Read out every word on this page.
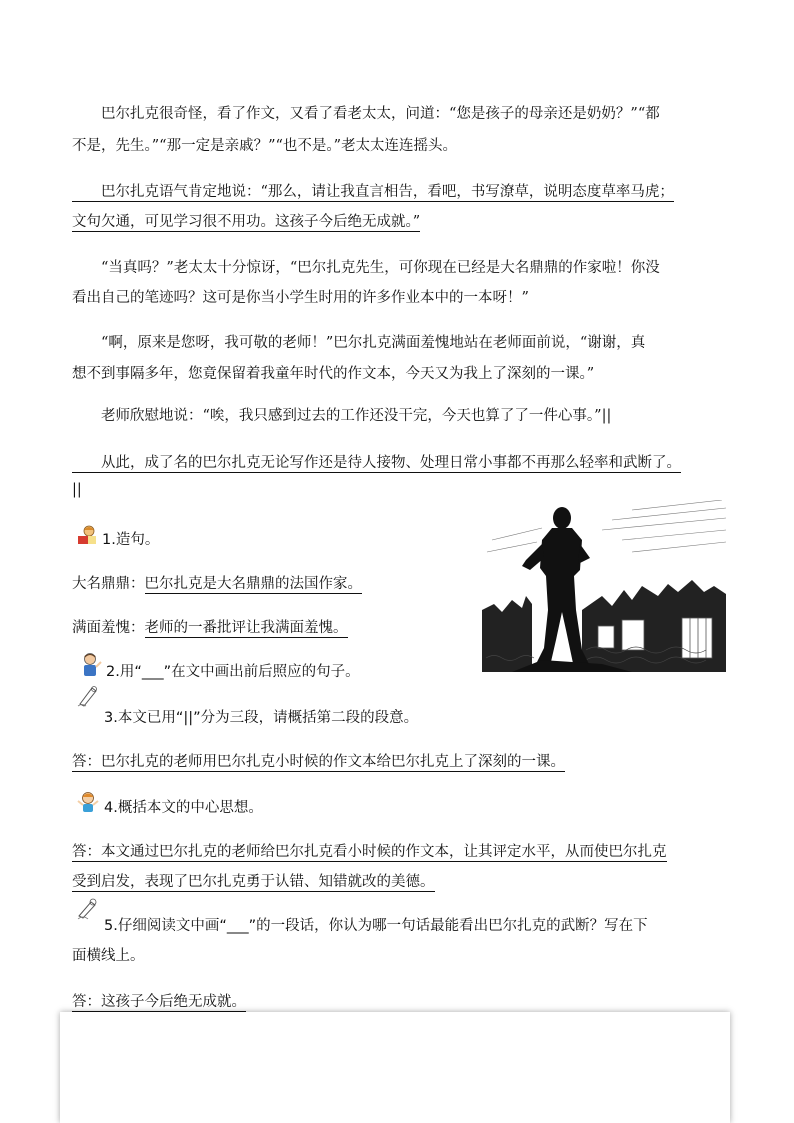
　　巴尔扎克很奇怪，看了作文，又看了看老太太，问道：“您是孩子的母亲还是奶奶？”“都
不是，先生。”“那一定是亲戚？”“也不是。”老太太连连摇头。
　　巴尔扎克语气肯定地说：“那么，请让我直言相告，看吧，书写潦草，说明态度草率马虎；
文句欠通，可见学习很不用功。这孩子今后绝无成就。”
　　“当真吗？”老太太十分惊讶，“巴尔扎克先生，可你现在已经是大名鼎鼎的作家啦！你没
看出自己的笔迹吗？这可是你当小学生时用的许多作业本中的一本呀！”
　　“啊，原来是您呀，我可敬的老师！”巴尔扎克满面羞愧地站在老师面前说，“谢谢，真
想不到事隔多年，您竟保留着我童年时代的作文本，今天又为我上了深刻的一课。”
　　老师欣慰地说：“唉，我只感到过去的工作还没干完，今天也算了了一件心事。”||
　　从此，成了名的巴尔扎克无论写作还是待人接物、处理日常小事都不再那么轻率和武断了。
||
1.造句。
大名鼎鼎：巴尔扎克是大名鼎鼎的法国作家。
满面羞愧：老师的一番批评让我满面羞愧。
2.用“___”在文中画出前后照应的句子。
3.本文已用“||”分为三段，请概括第二段的段意。
答：巴尔扎克的老师用巴尔扎克小时候的作文本给巴尔扎克上了深刻的一课。
4.概括本文的中心思想。
答：本文通过巴尔扎克的老师给巴尔扎克看小时候的作文本，让其评定水平，从而使巴尔扎克
受到启发，表现了巴尔扎克勇于认错、知错就改的美德。
5.仔细阅读文中画“___”的一段话，你认为哪一句话最能看出巴尔扎克的武断？写在下
面横线上。
答：这孩子今后绝无成就。
